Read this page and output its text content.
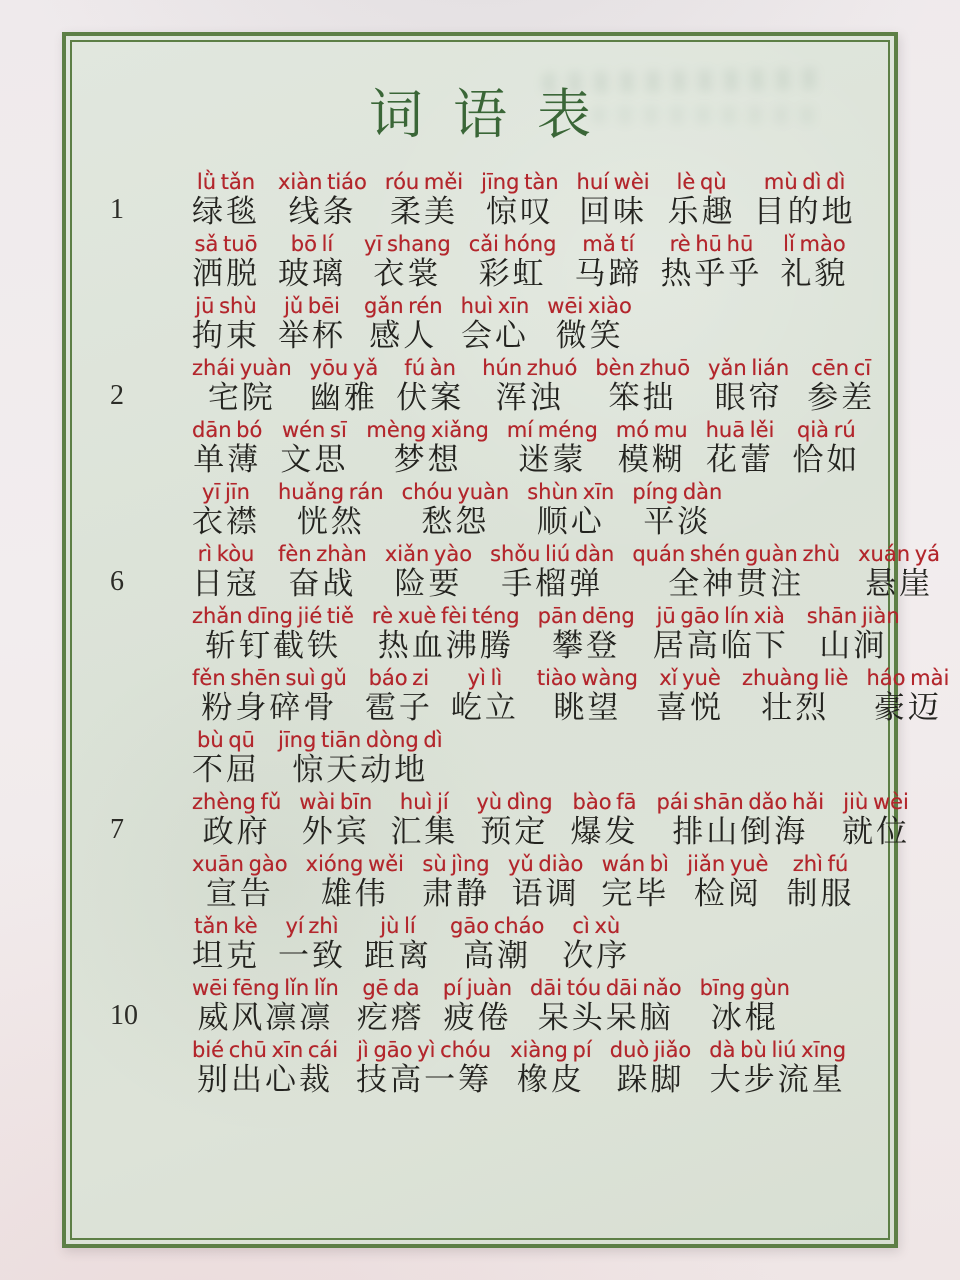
词语表
1
lǜ tǎn
绿毯
xiàn tiáo
线条
róu měi
柔美
jīng tàn
惊叹
huí wèi
回味
lè qù
乐趣
mù dì dì
目的地
sǎ tuō
洒脱
bō lí
玻璃
yī shang
衣裳
cǎi hóng
彩虹
mǎ tí
马蹄
rè hū hū
热乎乎
lǐ mào
礼貌
jū shù
拘束
jǔ bēi
举杯
gǎn rén
感人
huì xīn
会心
wēi xiào
微笑
2
zhái yuàn
宅院
yōu yǎ
幽雅
fú àn
伏案
hún zhuó
浑浊
bèn zhuō
笨拙
yǎn lián
眼帘
cēn cī
参差
dān bó
单薄
wén sī
文思
mèng xiǎng
梦想
mí méng
迷蒙
mó mu
模糊
huā lěi
花蕾
qià rú
恰如
yī jīn
衣襟
huǎng rán
恍然
chóu yuàn
愁怨
shùn xīn
顺心
píng dàn
平淡
6
rì kòu
日寇
fèn zhàn
奋战
xiǎn yào
险要
shǒu liú dàn
手榴弹
quán shén guàn zhù
全神贯注
xuán yá
悬崖
zhǎn dīng jié tiě
斩钉截铁
rè xuè fèi téng
热血沸腾
pān dēng
攀登
jū gāo lín xià
居高临下
shān jiàn
山涧
fěn shēn suì gǔ
粉身碎骨
báo zi
雹子
yì lì
屹立
tiào wàng
眺望
xǐ yuè
喜悦
zhuàng liè
壮烈
háo mài
豪迈
bù qū
不屈
jīng tiān dòng dì
惊天动地
7
zhèng fǔ
政府
wài bīn
外宾
huì jí
汇集
yù dìng
预定
bào fā
爆发
pái shān dǎo hǎi
排山倒海
jiù wèi
就位
xuān gào
宣告
xióng wěi
雄伟
sù jìng
肃静
yǔ diào
语调
wán bì
完毕
jiǎn yuè
检阅
zhì fú
制服
tǎn kè
坦克
yí zhì
一致
jù lí
距离
gāo cháo
高潮
cì xù
次序
10
wēi fēng lǐn lǐn
威风凛凛
gē da
疙瘩
pí juàn
疲倦
dāi tóu dāi nǎo
呆头呆脑
bīng gùn
冰棍
bié chū xīn cái
别出心裁
jì gāo yì chóu
技高一筹
xiàng pí
橡皮
duò jiǎo
跺脚
dà bù liú xīng
大步流星
